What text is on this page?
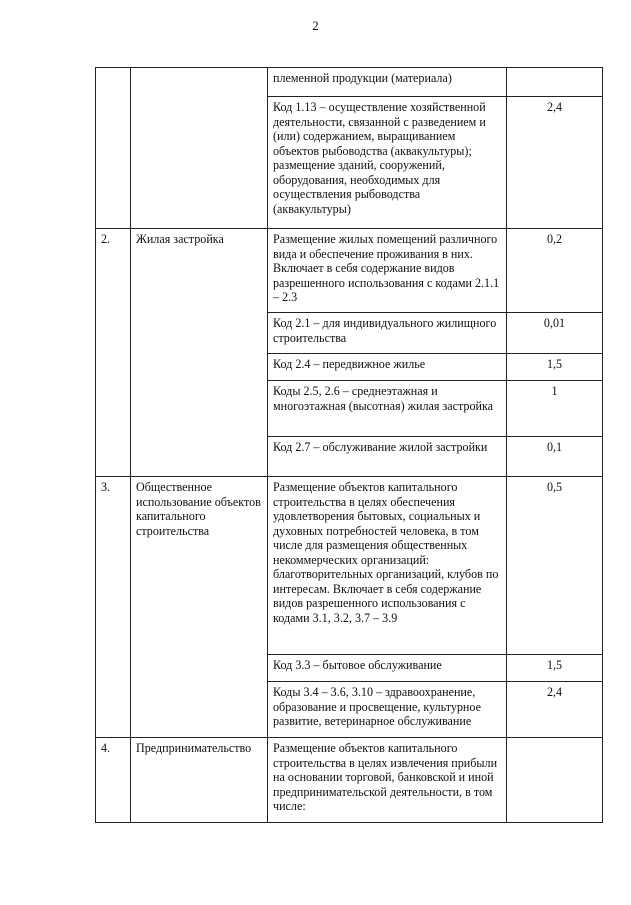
2
		племенной продукции (материала)	
		Код 1.13 – осуществление хозяйственной деятельности, связанной с разведением и (или) содержанием, выращиванием объектов рыбоводства (аквакультуры); размещение зданий, сооружений, оборудования, необходимых для осуществления рыбоводства (аквакультуры)	2,4
2.	Жилая застройка	Размещение жилых помещений различного вида и обеспечение проживания в них. Включает в себя содержание видов разрешенного использования с кодами 2.1.1 – 2.3	0,2
		Код 2.1 – для индивидуального жилищного строительства	0,01
		Код 2.4 – передвижное жилье	1,5
		Коды 2.5, 2.6 – среднеэтажная и многоэтажная (высотная) жилая застройка	1
		Код 2.7 – обслуживание жилой застройки	0,1
3.	Общественное использование объектов капитального строительства	Размещение объектов капитального строительства в целях обеспечения удовлетворения бытовых, социальных и духовных потребностей человека, в том числе для размещения общественных некоммерческих организаций: благотворительных организаций, клубов по интересам. Включает в себя содержание видов разрешенного использования с кодами 3.1, 3.2, 3.7 – 3.9	0,5
		Код 3.3 – бытовое обслуживание	1,5
		Коды 3.4 – 3.6, 3.10 – здравоохранение, образование и просвещение, культурное развитие, ветеринарное обслуживание	2,4
4.	Предпринимательство	Размещение объектов капитального строительства в целях извлечения прибыли на основании торговой, банковской и иной предпринимательской деятельности, в том числе:	
